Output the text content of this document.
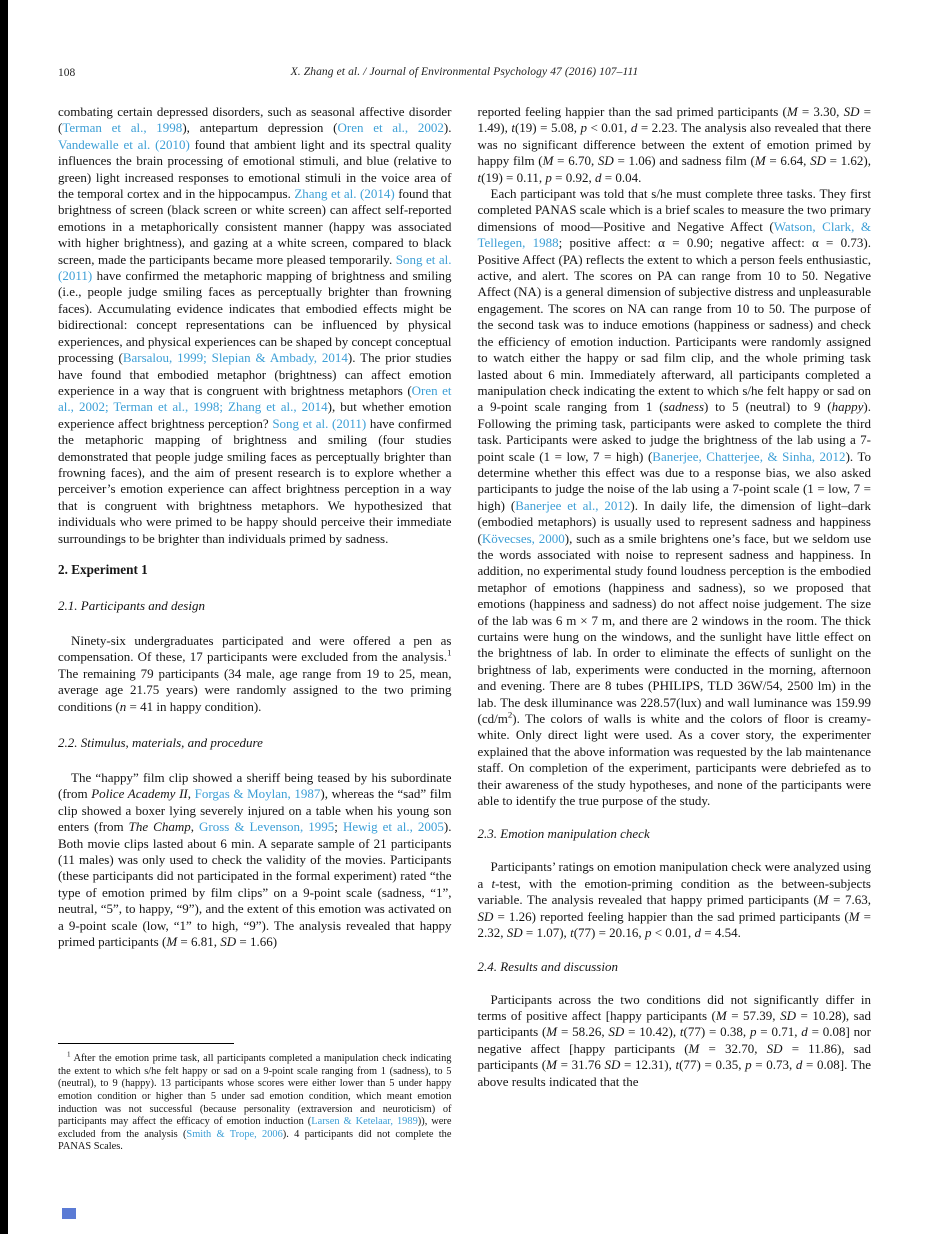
108	X. Zhang et al. / Journal of Environmental Psychology 47 (2016) 107–111

combating certain depressed disorders, such as seasonal affective disorder (Terman et al., 1998), antepartum depression (Oren et al., 2002). Vandewalle et al. (2010) found that ambient light and its spectral quality influences the brain processing of emotional stimuli, and blue (relative to green) light increased responses to emotional stimuli in the voice area of the temporal cortex and in the hippocampus. Zhang et al. (2014) found that brightness of screen (black screen or white screen) can affect self-reported emotions in a metaphorically consistent manner (happy was associated with higher brightness), and gazing at a white screen, compared to black screen, made the participants became more pleased temporarily. Song et al. (2011) have confirmed the metaphoric mapping of brightness and smiling (i.e., people judge smiling faces as perceptually brighter than frowning faces). Accumulating evidence indicates that embodied effects might be bidirectional: concept representations can be influenced by physical experiences, and physical experiences can be shaped by concept conceptual processing (Barsalou, 1999; Slepian & Ambady, 2014). The prior studies have found that embodied metaphor (brightness) can affect emotion experience in a way that is congruent with brightness metaphors (Oren et al., 2002; Terman et al., 1998; Zhang et al., 2014), but whether emotion experience affect brightness perception? Song et al. (2011) have confirmed the metaphoric mapping of brightness and smiling (four studies demonstrated that people judge smiling faces as perceptually brighter than frowning faces), and the aim of present research is to explore whether a perceiver’s emotion experience can affect brightness perception in a way that is congruent with brightness metaphors. We hypothesized that individuals who were primed to be happy should perceive their immediate surroundings to be brighter than individuals primed by sadness.

2. Experiment 1
2.1. Participants and design

Ninety-six undergraduates participated and were offered a pen as compensation. Of these, 17 participants were excluded from the analysis.$^1$ The remaining 79 participants (34 male, age range from 19 to 25, mean, average age 21.75 years) were randomly assigned to the two priming conditions (n = 41 in happy condition).

2.2. Stimulus, materials, and procedure

The “happy” film clip showed a sheriff being teased by his subordinate (from Police Academy II, Forgas & Moylan, 1987), whereas the “sad” film clip showed a boxer lying severely injured on a table when his young son enters (from The Champ, Gross & Levenson, 1995; Hewig et al., 2005). Both movie clips lasted about 6 min. A separate sample of 21 participants (11 males) was only used to check the validity of the movies. Participants (these participants did not participated in the formal experiment) rated “the type of emotion primed by film clips” on a 9-point scale (sadness, “1”, neutral, “5”, to happy, “9”), and the extent of this emotion was activated on a 9-point scale (low, “1” to high, “9”). The analysis revealed that happy primed participants (M = 6.81, SD = 1.66)

$^1$ After the emotion prime task, all participants completed a manipulation check indicating the extent to which s/he felt happy or sad on a 9-point scale ranging from 1 (sadness), to 5 (neutral), to 9 (happy). 13 participants whose scores were either lower than 5 under happy emotion condition or higher than 5 under sad emotion condition, which meant emotion induction was not successful (because personality (extraversion and neuroticism) of participants may affect the efficacy of emotion induction (Larsen & Ketelaar, 1989)), were excluded from the analysis (Smith & Trope, 2006). 4 participants did not complete the PANAS Scales.

reported feeling happier than the sad primed participants (M = 3.30, SD = 1.49), t(19) = 5.08, p < 0.01, d = 2.23. The analysis also revealed that there was no significant difference between the extent of emotion primed by happy film (M = 6.70, SD = 1.06) and sadness film (M = 6.64, SD = 1.62), t(19) = 0.11, p = 0.92, d = 0.04.

Each participant was told that s/he must complete three tasks. They first completed PANAS scale which is a brief scales to measure the two primary dimensions of mood—Positive and Negative Affect (Watson, Clark, & Tellegen, 1988; positive affect: α = 0.90; negative affect: α = 0.73). Positive Affect (PA) reflects the extent to which a person feels enthusiastic, active, and alert. The scores on PA can range from 10 to 50. Negative Affect (NA) is a general dimension of subjective distress and unpleasurable engagement. The scores on NA can range from 10 to 50. The purpose of the second task was to induce emotions (happiness or sadness) and check the efficiency of emotion induction. Participants were randomly assigned to watch either the happy or sad film clip, and the whole priming task lasted about 6 min. Immediately afterward, all participants completed a manipulation check indicating the extent to which s/he felt happy or sad on a 9-point scale ranging from 1 (sadness) to 5 (neutral) to 9 (happy). Following the priming task, participants were asked to complete the third task. Participants were asked to judge the brightness of the lab using a 7-point scale (1 = low, 7 = high) (Banerjee, Chatterjee, & Sinha, 2012). To determine whether this effect was due to a response bias, we also asked participants to judge the noise of the lab using a 7-point scale (1 = low, 7 = high) (Banerjee et al., 2012). In daily life, the dimension of light–dark (embodied metaphors) is usually used to represent sadness and happiness (Kövecses, 2000), such as a smile brightens one’s face, but we seldom use the words associated with noise to represent sadness and happiness. In addition, no experimental study found loudness perception is the embodied metaphor of emotions (happiness and sadness), so we proposed that emotions (happiness and sadness) do not affect noise judgement. The size of the lab was 6 m × 7 m, and there are 2 windows in the room. The thick curtains were hung on the windows, and the sunlight have little effect on the brightness of lab. In order to eliminate the effects of sunlight on the brightness of lab, experiments were conducted in the morning, afternoon and evening. There are 8 tubes (PHILIPS, TLD 36W/54, 2500 lm) in the lab. The desk illuminance was 228.57(lux) and wall luminance was 159.99 $(cd/m^2)$. The colors of walls is white and the colors of floor is creamy-white. Only direct light were used. As a cover story, the experimenter explained that the above information was requested by the lab maintenance staff. On completion of the experiment, participants were debriefed as to their awareness of the study hypotheses, and none of the participants were able to identify the true purpose of the study.

2.3. Emotion manipulation check

Participants’ ratings on emotion manipulation check were analyzed using a t-test, with the emotion-priming condition as the between-subjects variable. The analysis revealed that happy primed participants (M = 7.63, SD = 1.26) reported feeling happier than the sad primed participants (M = 2.32, SD = 1.07), t(77) = 20.16, p < 0.01, d = 4.54.

2.4. Results and discussion

Participants across the two conditions did not significantly differ in terms of positive affect [happy participants (M = 57.39, SD = 10.28), sad participants (M = 58.26, SD = 10.42), t(77) = 0.38, p = 0.71, d = 0.08] nor negative affect [happy participants (M = 32.70, SD = 11.86), sad participants (M = 31.76 SD = 12.31), t(77) = 0.35, p = 0.73, d = 0.08]. The above results indicated that the
